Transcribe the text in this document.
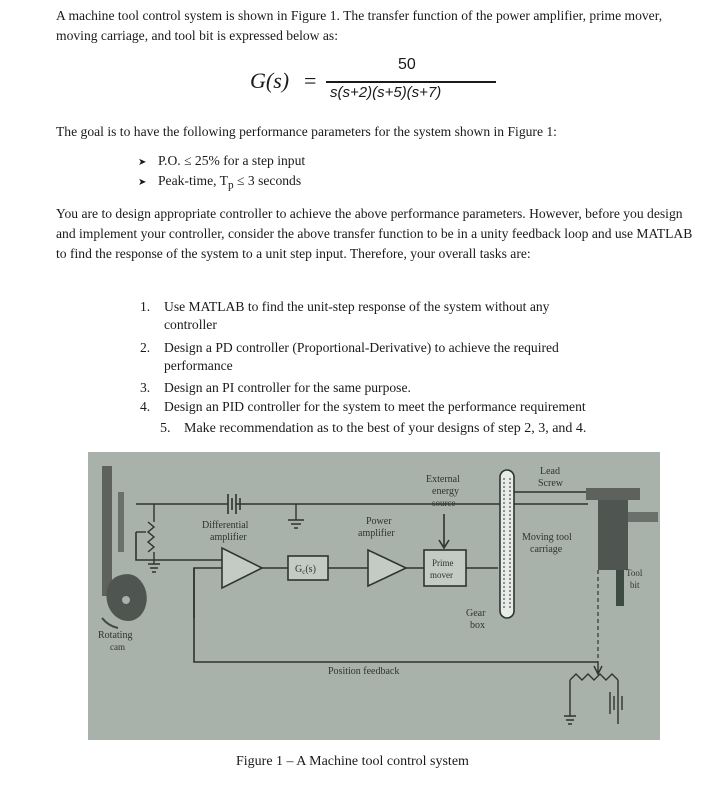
A machine tool control system is shown in Figure 1. The transfer function of the power amplifier, prime mover, moving carriage, and tool bit is expressed below as:
G(s) =
50
s(s+2)(s+5)(s+7)
The goal is to have the following performance parameters for the system shown in Figure 1:
➤ P.O. ≤ 25% for a step input
➤ Peak-time, $T_p \le 3$ seconds
You are to design appropriate controller to achieve the above performance parameters. However, before you design and implement your controller, consider the above transfer function to be in a unity feedback loop and use MATLAB to find the response of the system to a unit step input. Therefore, your overall tasks are:
1. Use MATLAB to find the unit-step response of the system without any
controller
2. Design a PD controller (Proportional-Derivative) to achieve the required
performance
3. Design an PI controller for the same purpose.
4. Design an PID controller for the system to meet the performance requirement
5. Make recommendation as to the best of your designs of step 2, 3, and 4.
Differential
amplifier
$G_c(s)$
Power
amplifier
External
energy
source
Prime
mover
Gear
box
Lead
Screw
Moving tool
carriage
Tool
bit
Position feedback
Rotating
cam
Figure 1 – A Machine tool control system
